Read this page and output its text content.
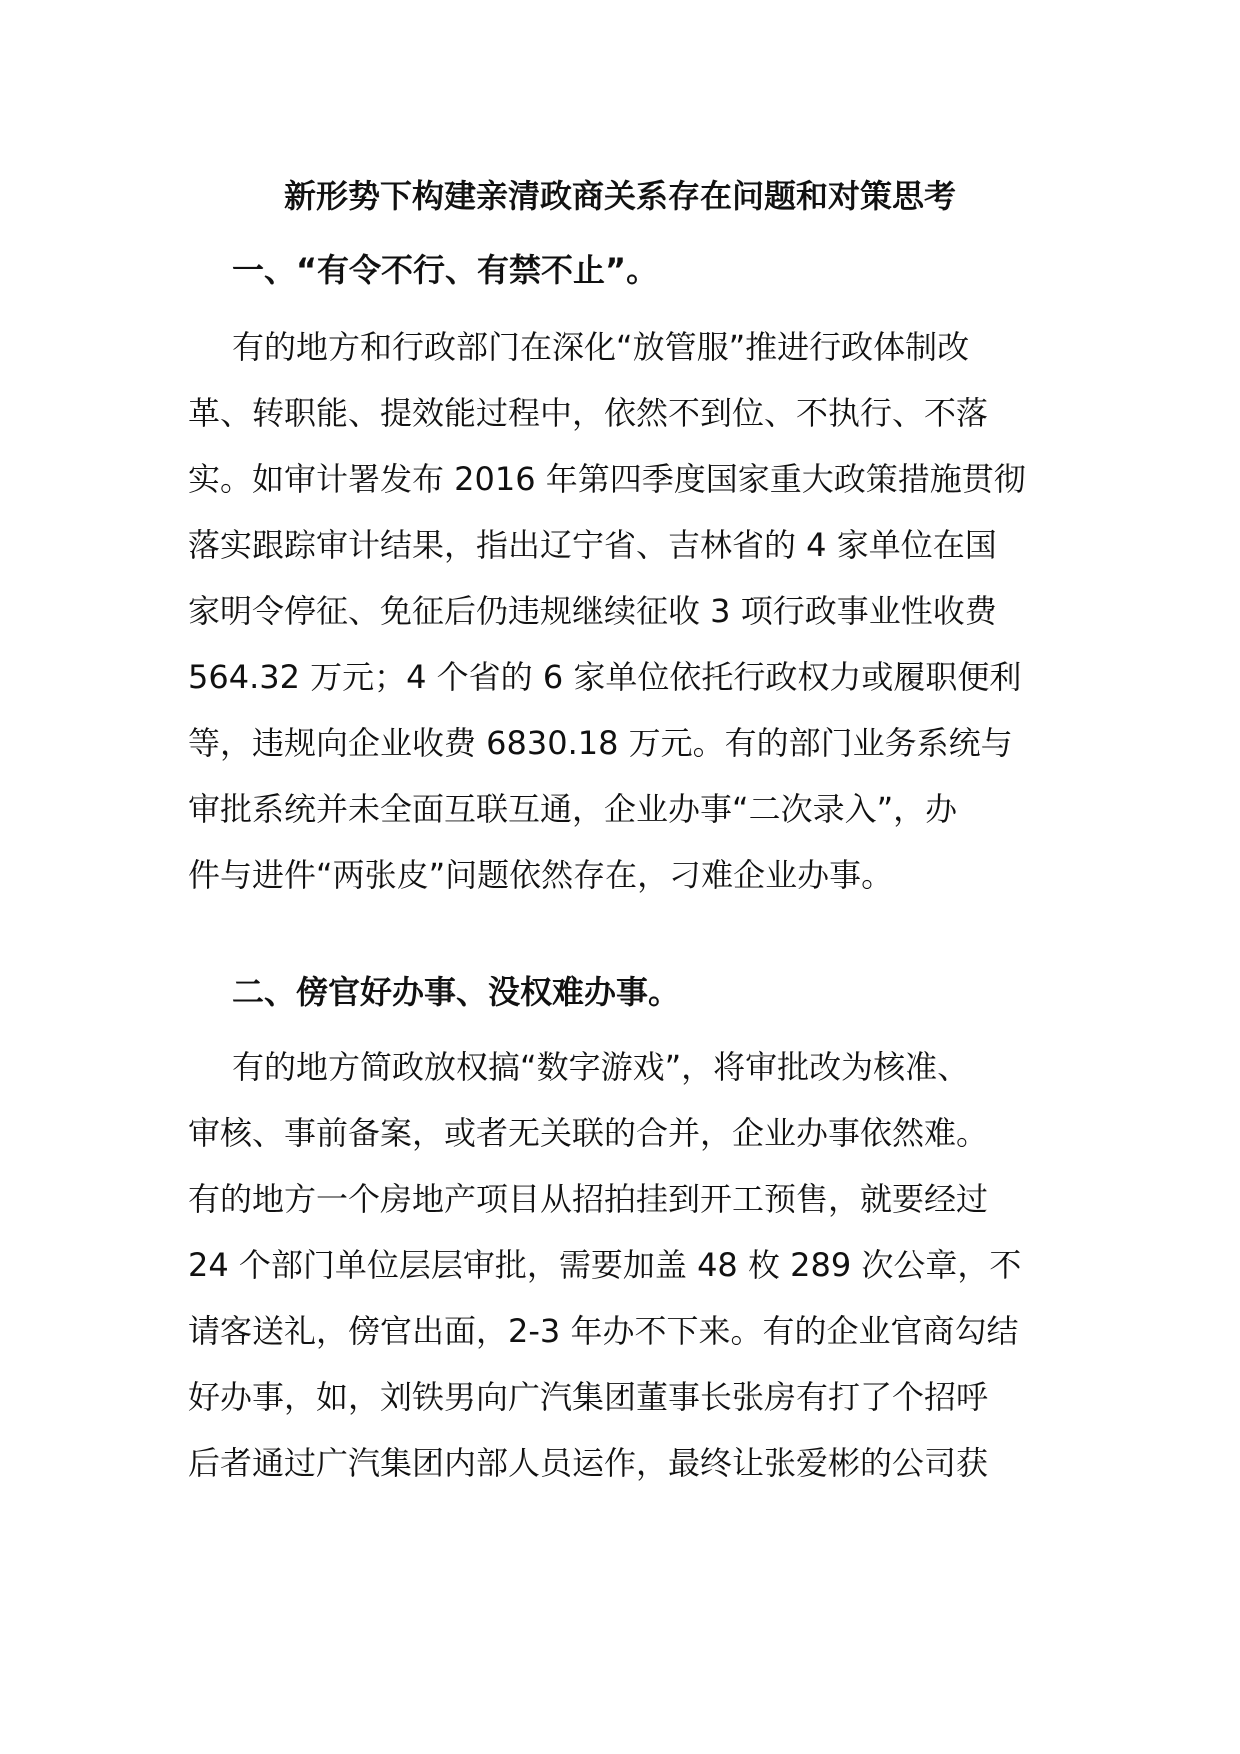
新形势下构建亲清政商关系存在问题和对策思考
一、“有令不行、有禁不止”。
有的地方和行政部门在深化“放管服”推进行政体制改
革、转职能、提效能过程中，依然不到位、不执行、不落
实。如审计署发布 2016 年第四季度国家重大政策措施贯彻
落实跟踪审计结果，指出辽宁省、吉林省的 4 家单位在国
家明令停征、免征后仍违规继续征收 3 项行政事业性收费
564.32 万元；4 个省的 6 家单位依托行政权力或履职便利
等，违规向企业收费 6830.18 万元。有的部门业务系统与
审批系统并未全面互联互通，企业办事“二次录入”，办
件与进件“两张皮”问题依然存在，刁难企业办事。
二、傍官好办事、没权难办事。
有的地方简政放权搞“数字游戏”，将审批改为核准、
审核、事前备案，或者无关联的合并，企业办事依然难。
有的地方一个房地产项目从招拍挂到开工预售，就要经过
24 个部门单位层层审批，需要加盖 48 枚 289 次公章，不
请客送礼，傍官出面，2-3 年办不下来。有的企业官商勾结
好办事，如，刘铁男向广汽集团董事长张房有打了个招呼
后者通过广汽集团内部人员运作，最终让张爱彬的公司获
